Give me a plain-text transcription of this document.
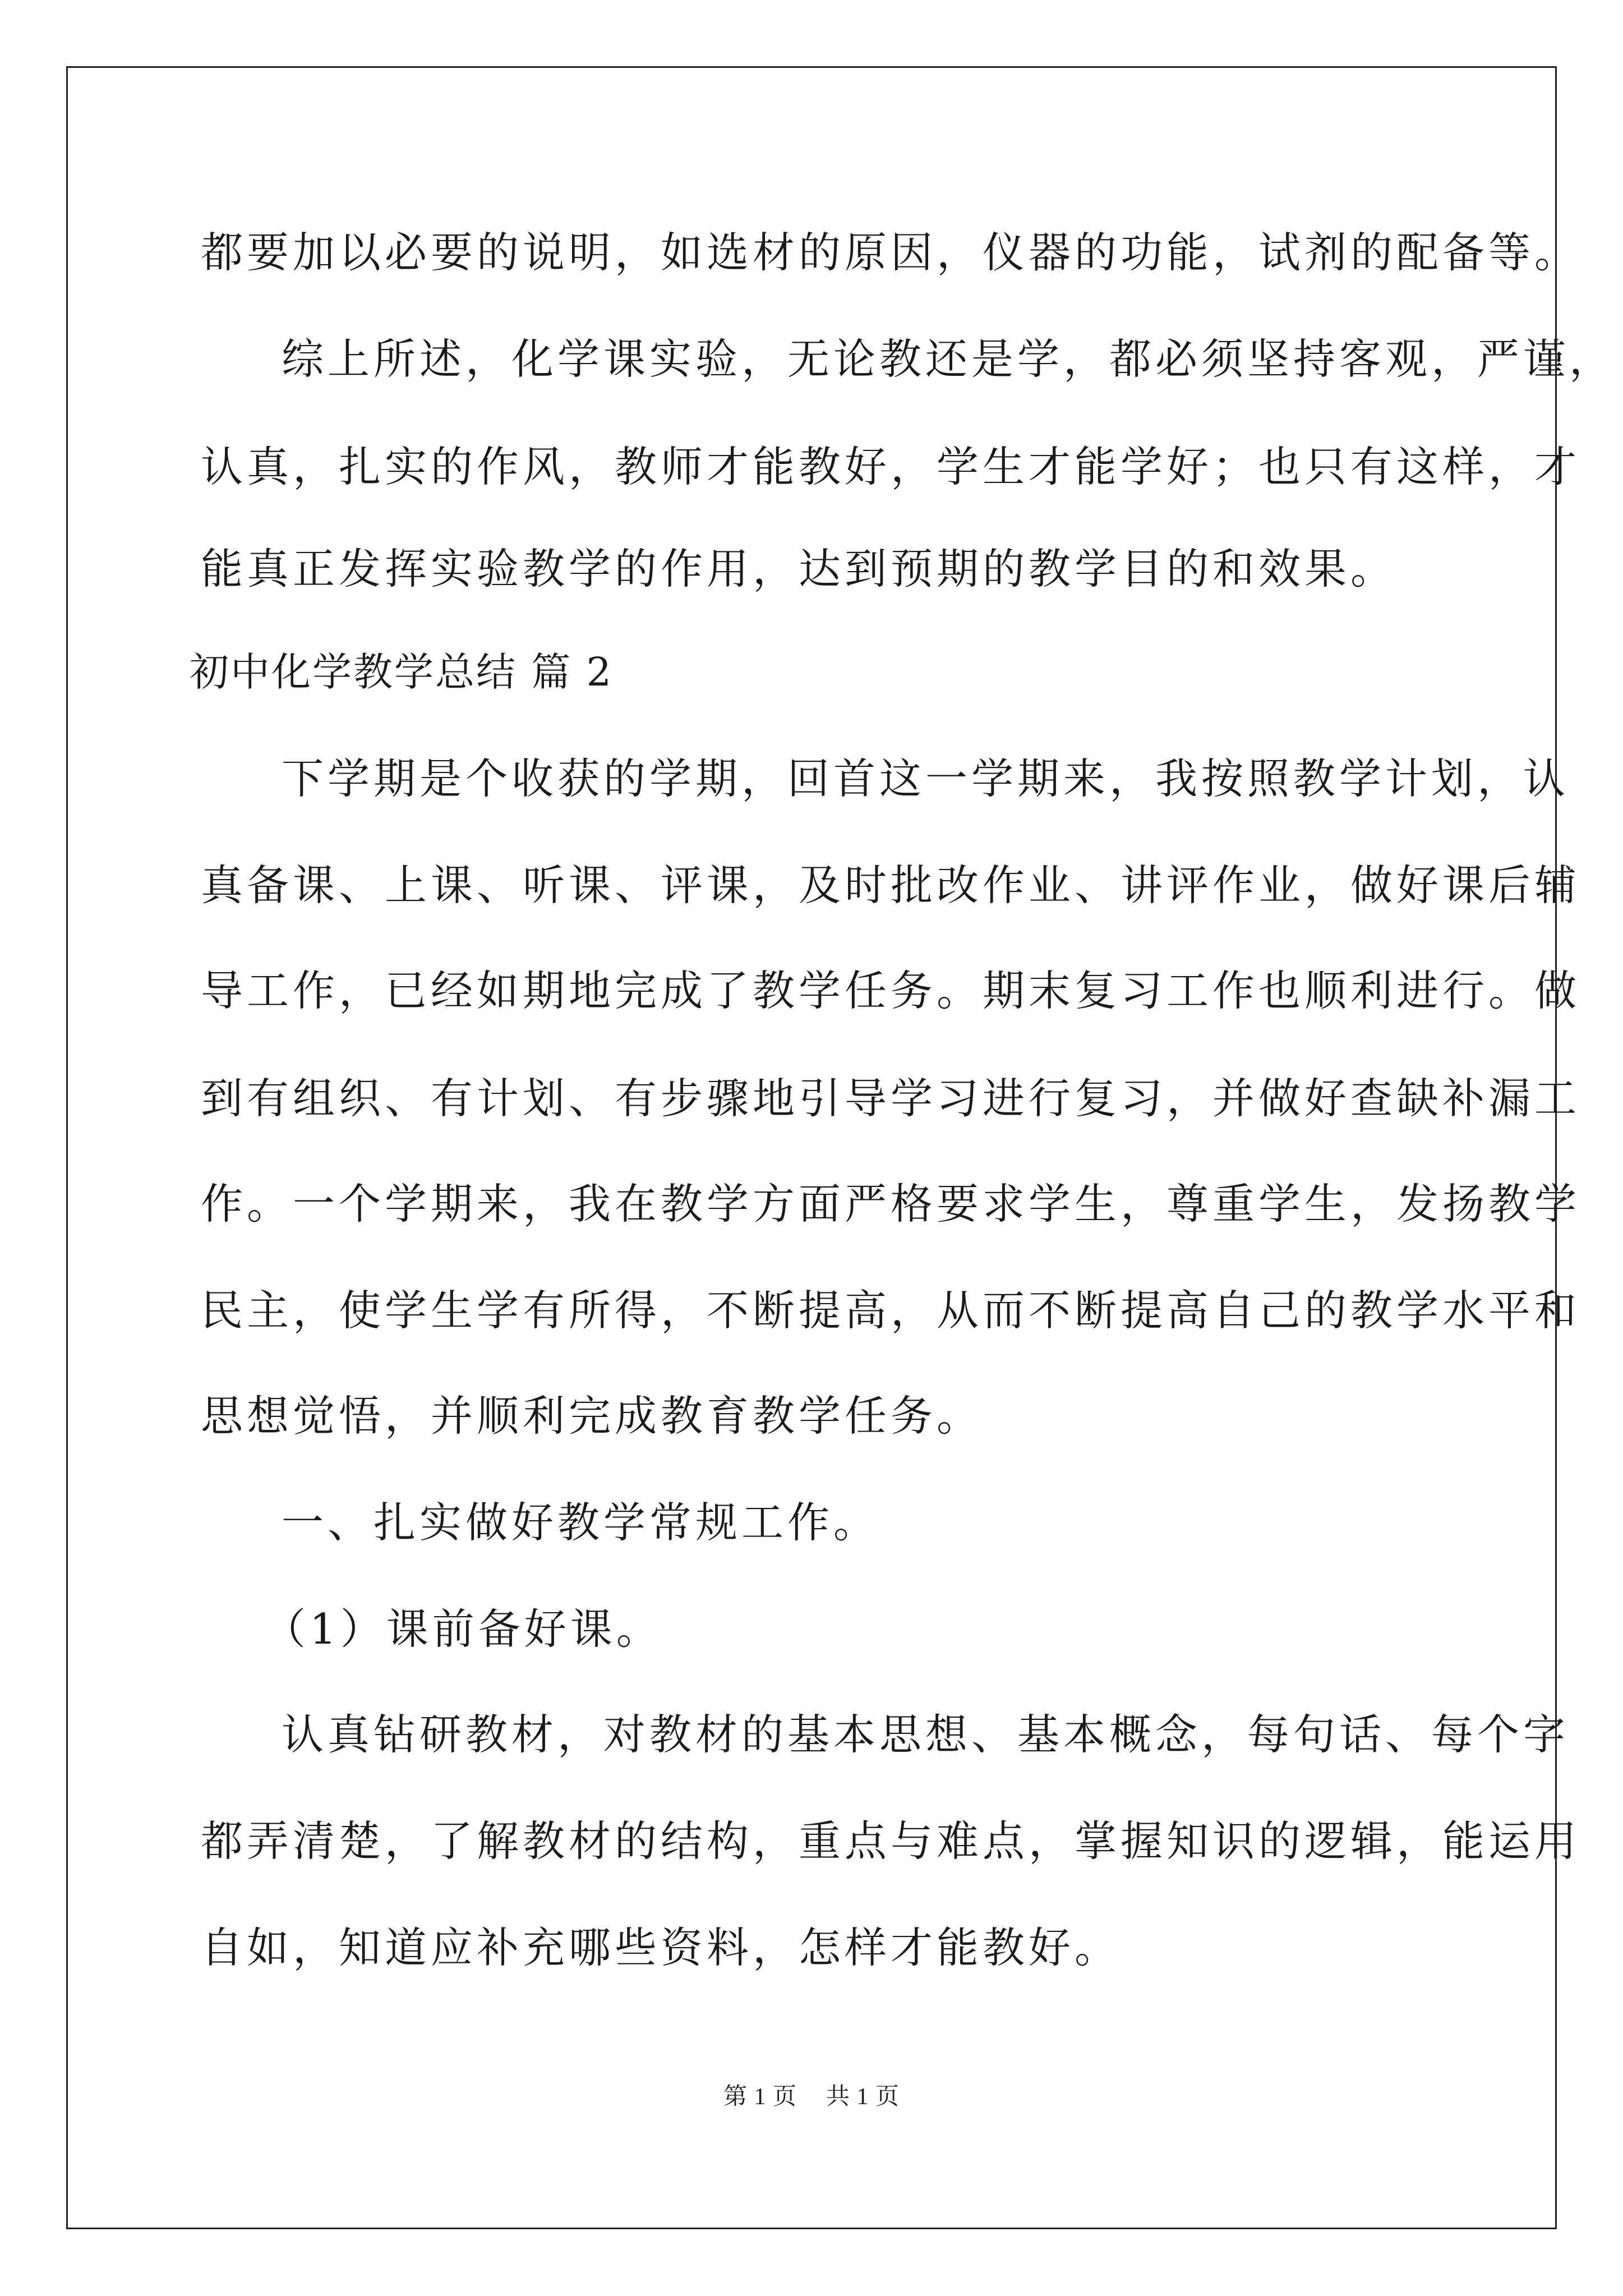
都要加以必要的说明，如选材的原因，仪器的功能，试剂的配备等。

综上所述，化学课实验，无论教还是学，都必须坚持客观，严谨，

认真，扎实的作风，教师才能教好，学生才能学好；也只有这样，才

能真正发挥实验教学的作用，达到预期的教学目的和效果。

初中化学教学总结 篇 2

下学期是个收获的学期，回首这一学期来，我按照教学计划，认

真备课、上课、听课、评课，及时批改作业、讲评作业，做好课后辅

导工作，已经如期地完成了教学任务。期末复习工作也顺利进行。做

到有组织、有计划、有步骤地引导学习进行复习，并做好查缺补漏工

作。一个学期来，我在教学方面严格要求学生，尊重学生，发扬教学

民主，使学生学有所得，不断提高，从而不断提高自己的教学水平和

思想觉悟，并顺利完成教育教学任务。

一、扎实做好教学常规工作。

（1）课前备好课。

认真钻研教材，对教材的基本思想、基本概念，每句话、每个字

都弄清楚，了解教材的结构，重点与难点，掌握知识的逻辑，能运用

自如，知道应补充哪些资料，怎样才能教好。

第 1 页 共 1 页
